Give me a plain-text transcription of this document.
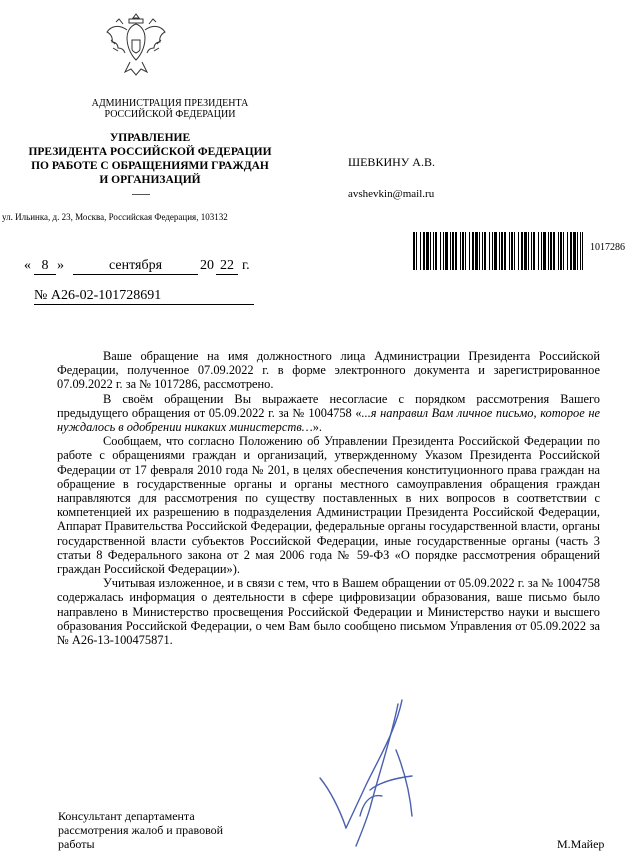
АДМИНИСТРАЦИЯ ПРЕЗИДЕНТА
РОССИЙСКОЙ ФЕДЕРАЦИИ
УПРАВЛЕНИЕ
ПРЕЗИДЕНТА РОССИЙСКОЙ ФЕДЕРАЦИИ
ПО РАБОТЕ С ОБРАЩЕНИЯМИ ГРАЖДАН
И ОРГАНИЗАЦИЙ
ул. Ильинка, д. 23, Москва, Российская Федерация, 103132
ШЕВКИНУ А.В.
avshevkin@mail.ru
1017286
« 8 »	сентября	20 22 г.
№ А26-02-101728691

Ваше обращение на имя должностного лица Администрации Президента Российской Федерации, полученное 07.09.2022 г. в форме электронного документа и зарегистрированное 07.09.2022 г. за № 1017286, рассмотрено.

В своём обращении Вы выражаете несогласие с порядком рассмотрения Вашего предыдущего обращения от 05.09.2022 г. за № 1004758 «...я направил Вам личное письмо, которое не нуждалось в одобрении никаких министерств…».

Сообщаем, что согласно Положению об Управлении Президента Российской Федерации по работе с обращениями граждан и организаций, утвержденному Указом Президента Российской Федерации от 17 февраля 2010 года № 201, в целях обеспечения конституционного права граждан на обращение в государственные органы и органы местного самоуправления обращения граждан направляются для рассмотрения по существу поставленных в них вопросов в соответствии с компетенцией их разрешению в подразделения Администрации Президента Российской Федерации, Аппарат Правительства Российской Федерации, федеральные органы государственной власти, органы государственной власти субъектов Российской Федерации, иные государственные органы (часть 3 статьи 8 Федерального закона от 2 мая 2006 года № 59-ФЗ «О порядке рассмотрения обращений граждан Российской Федерации»).

Учитывая изложенное, и в связи с тем, что в Вашем обращении от 05.09.2022 г. за № 1004758 содержалась информация о деятельности в сфере цифровизации образования, ваше письмо было направлено в Министерство просвещения Российской Федерации и Министерство науки и высшего образования Российской Федерации, о чем Вам было сообщено письмом Управления от 05.09.2022 за № А26-13-100475871.

Консультант департамента
рассмотрения жалоб и правовой
работы	М.Майер
